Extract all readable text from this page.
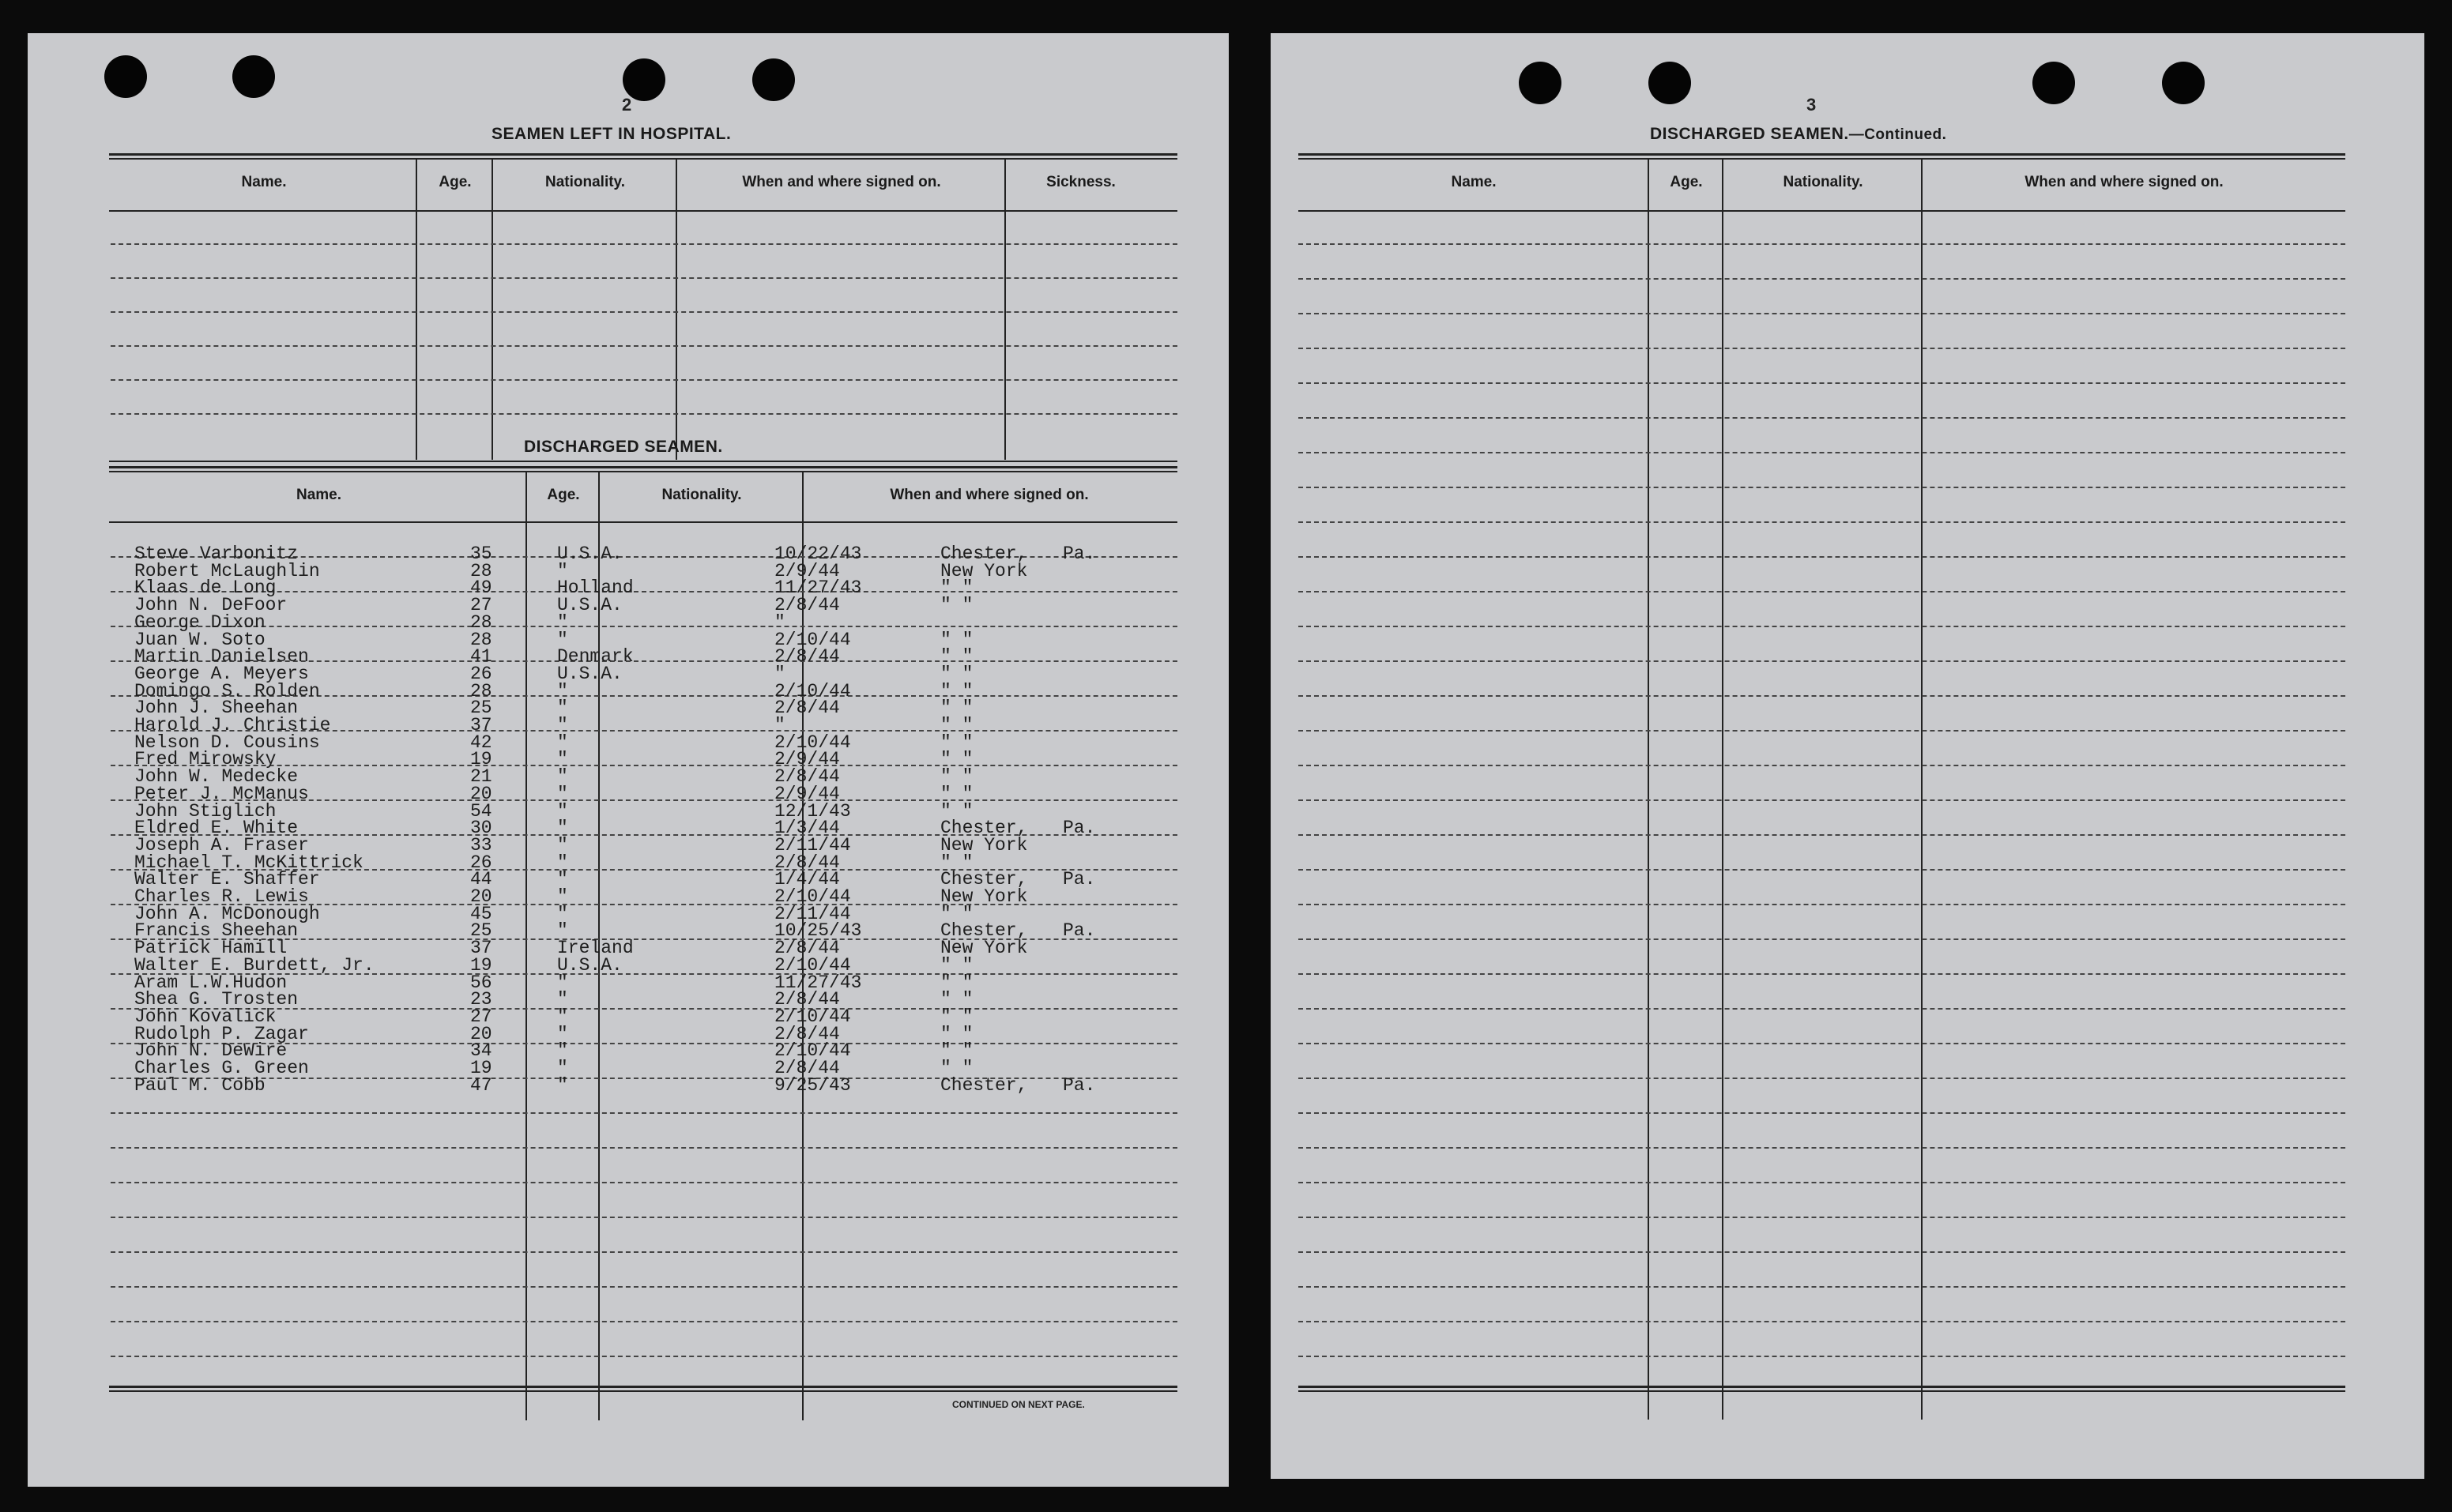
2
SEAMEN LEFT IN HOSPITAL.
Name.	Age.	Nationality.	When and where signed on.	Sickness.
DISCHARGED SEAMEN.
Name.	Age.	Nationality.	When and where signed on.
Steve Varbonitz	35	U.S.A.	10/22/43	Chester, Pa.
Robert McLaughlin	28	"	2/9/44	New York
Klaas de Long	49	Holland	11/27/43	" "
John N. DeFoor	27	U.S.A.	2/8/44	" "
George Dixon	28	"	"
Juan W. Soto	28	"	2/10/44	" "
Martin Danielsen	41	Denmark	2/8/44	" "
George A. Meyers	26	U.S.A.	"	" "
Domingo S. Rolden	28	"	2/10/44	" "
John J. Sheehan	25	"	2/8/44	" "
Harold J. Christie	37	"	"	" "
Nelson D. Cousins	42	"	2/10/44	" "
Fred Mirowsky	19	"	2/9/44	" "
John W. Medecke	21	"	2/8/44	" "
Peter J. McManus	20	"	2/9/44	" "
John Stiglich	54	"	12/1/43	" "
Eldred E. White	30	"	1/3/44	Chester, Pa.
Joseph A. Fraser	33	"	2/11/44	New York
Michael T. McKittrick	26	"	2/8/44	" "
Walter E. Shaffer	44	"	1/4/44	Chester, Pa.
Charles R. Lewis	20	"	2/10/44	New York
John A. McDonough	45	"	2/11/44	" "
Francis Sheehan	25	"	10/25/43	Chester, Pa.
Patrick Hamill	37	Ireland	2/8/44	New York
Walter E. Burdett, Jr.	19	U.S.A.	2/10/44	" "
Aram L.W.Hudon	56	"	11/27/43	" "
Shea G. Trosten	23	"	2/8/44	" "
John Kovalick	27	"	2/10/44	" "
Rudolph P. Zagar	20	"	2/8/44	" "
John N. DeWire	34	"	2/10/44	" "
Charles G. Green	19	"	2/8/44	" "
Paul M. Cobb	47	"	9/25/43	Chester, Pa.
CONTINUED ON NEXT PAGE.
3
DISCHARGED SEAMEN.—Continued.
Name.	Age.	Nationality.	When and where signed on.
